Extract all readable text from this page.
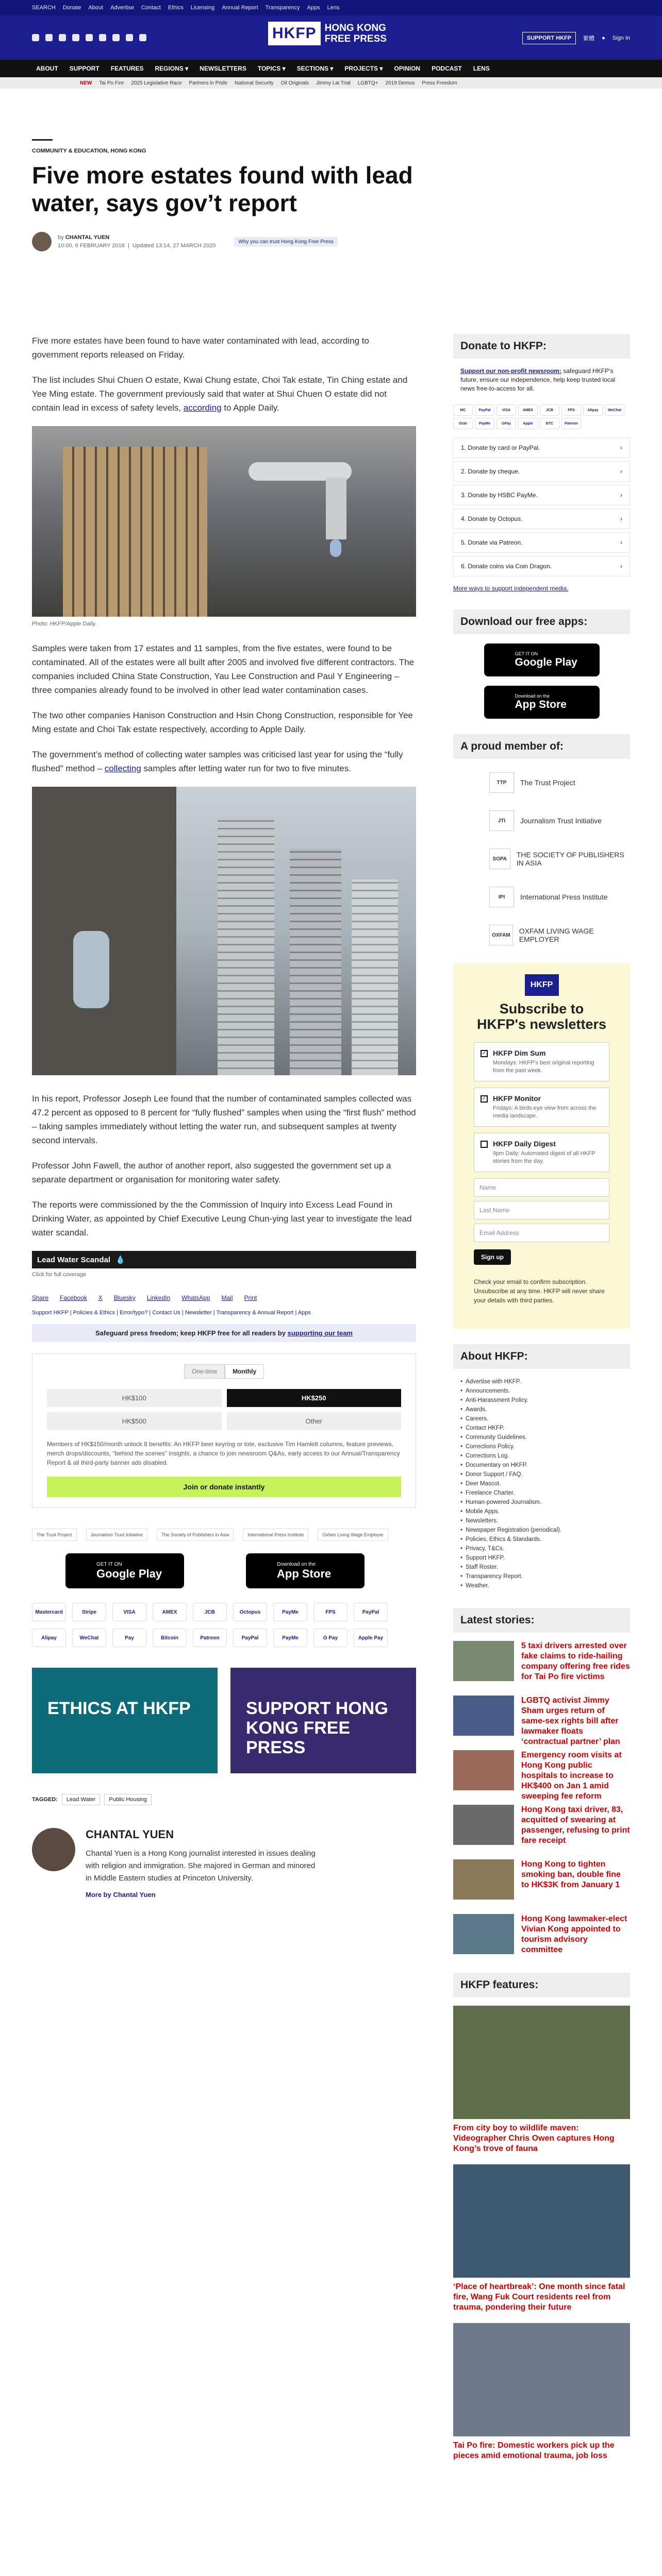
SEARCH Donate About Advertise Contact Ethics Licensing Annual Report Transparency Apps Lens
HKFP HONG KONG
FREE PRESS	SUPPORT HKFP	繁體 ● Sign In
ABOUT SUPPORT FEATURES REGIONS ▾ NEWSLETTERS TOPICS ▾ SECTIONS ▾ PROJECTS ▾ OPINION PODCAST LENS
NEW Tai Po Fire 2025 Legislative Race Partners in Pride National Security Oil Originals Jimmy Lai Trial LGBTQ+ 2019 Demos Press Freedom
COMMUNITY & EDUCATION, HONG KONG
Five more estates found with lead water, says gov’t report
by CHANTAL YUEN
10:00, 6 FEBRUARY 2016  |  Updated 13:14, 27 MARCH 2020
Why you can trust Hong Kong Free Press

Five more estates have been found to have water contaminated with lead, according to government reports released on Friday.

The list includes Shui Chuen O estate, Kwai Chung estate, Choi Tak estate, Tin Ching estate and Yee Ming estate. The government previously said that water at Shui Chuen O estate did not contain lead in excess of safety levels, according to Apple Daily.

Photo: HKFP/Apple Daily.

Samples were taken from 17 estates and 11 samples, from the five estates, were found to be contaminated. All of the estates were all built after 2005 and involved five different contractors. The companies included China State Construction, Yau Lee Construction and Paul Y Engineering – three companies already found to be involved in other lead water contamination cases.

The two other companies Hanison Construction and Hsin Chong Construction, responsible for Yee Ming estate and Choi Tak estate respectively, according to Apple Daily.

The government’s method of collecting water samples was criticised last year for using the “fully flushed” method – collecting samples after letting water run for two to five minutes.

In his report, Professor Joseph Lee found that the number of contaminated samples collected was 47.2 percent as opposed to 8 percent for “fully flushed” samples when using the “first flush” method – taking samples immediately without letting the water run, and subsequent samples at twenty second intervals.

Professor John Fawell, the author of another report, also suggested the government set up a separate department or organisation for monitoring water safety.

The reports were commissioned by the the Commission of Inquiry into Excess Lead Found in Drinking Water, as appointed by Chief Executive Leung Chun-ying last year to investigate the lead water scandal.

Lead Water Scandal 💧
Click for full coverage
Share Facebook X Bluesky LinkedIn WhatsApp Mail Print
Support HKFP | Policies & Ethics | Error/typo? | Contact Us | Newsletter | Transparency & Annual Report | Apps
Safeguard press freedom; keep HKFP free for all readers by supporting our team
One-time	Monthly
HK$100	HK$250
HK$500	Other

Members of HK$150/month unlock 8 benefits: An HKFP beer keyring or tote, exclusive Tim Hamlett columns, feature previews, merch drops/discounts, “behind the scenes” insights, a chance to join newsroom Q&As, early access to our Annual/Transparency Report & all third-party banner ads disabled.

Join or donate instantly
The Trust Project	Journalism Trust Initiative	The Society of Publishers in Asia	International Press Institute	Oxfam Living Wage Employer
GET IT ON
Google Play
Download on the
App Store
Mastercard	Stripe	VISA	AMEX	JCB	Octopus	PayMe	FPS	PayPal
Alipay	WeChat	Pay	Bitcoin	Patreon	PayPal	PayMe	G Pay	Apple Pay
ETHICS AT HKFP	SUPPORT HONG KONG FREE PRESS
TAGGED:	Lead Water	Public Housing
CHANTAL YUEN

Chantal Yuen is a Hong Kong journalist interested in issues dealing with religion and immigration. She majored in German and minored in Middle Eastern studies at Princeton University.

More by Chantal Yuen
Donate to HKFP:
Support our non-profit newsroom: safeguard HKFP’s future, ensure our independence, help keep trusted local news free-to-access for all.
MC	PayPal	VISA	AMEX	JCB	FPS	Alipay	WeChat
Octo	PayMe	GPay	Apple	BTC	Patreon
1. Donate by card or PayPal.	›
2. Donate by cheque.	›
3. Donate by HSBC PayMe.	›
4. Donate by Octopus.	›
5. Donate via Patreon.	›
6. Donate coins via Coin Dragon.	›
More ways to support independent media.
Download our free apps:
GET IT ON
Google Play
Download on the
App Store
A proud member of:
TTP	The Trust Project
JTI	Journalism Trust Initiative
SOPA	THE SOCIETY OF PUBLISHERS IN ASIA
IPI	International Press Institute
OXFAM	OXFAM LIVING WAGE EMPLOYER
HKFP
Subscribe to HKFP's newsletters
✓ HKFP Dim Sum

Mondays: HKFP’s best original reporting from the past week.

✓ HKFP Monitor

Fridays: A birds-eye view from across the media landscape.

HKFP Daily Digest

9pm Daily: Automated digest of all HKFP stories from the day.

Name
Last Name
Email Address
Sign up

Check your email to confirm subscription. Unsubscribe at any time. HKFP will never share your details with third parties.

About HKFP:
• Advertise with HKFP.
• Announcements.
• Anti-Harassment Policy.
• Awards.
• Careers.
• Contact HKFP.
• Community Guidelines.
• Corrections Policy.
• Corrections Log.
• Documentary on HKFP.
• Donor Support / FAQ.
• Deer Mascot.
• Freelance Charter.
• Human-powered Journalism.
• Mobile Apps.
• Newsletters.
• Newspaper Registration (periodical).
• Policies, Ethics & Standards.
• Privacy, T&Cs.
• Support HKFP.
• Staff Roster.
• Transparency Report.
• Weather.
Latest stories:

5 taxi drivers arrested over fake claims to ride-hailing company offering free rides for Tai Po fire victims

LGBTQ activist Jimmy Sham urges return of same-sex rights bill after lawmaker floats ‘contractual partner’ plan

Emergency room visits at Hong Kong public hospitals to increase to HK$400 on Jan 1 amid sweeping fee reform

Hong Kong taxi driver, 83, acquitted of swearing at passenger, refusing to print fare receipt

Hong Kong to tighten smoking ban, double fine to HK$3K from January 1

Hong Kong lawmaker-elect Vivian Kong appointed to tourism advisory committee

HKFP features:

From city boy to wildlife maven: Videographer Chris Owen captures Hong Kong’s trove of fauna

‘Place of heartbreak’: One month since fatal fire, Wang Fuk Court residents reel from trauma, pondering their future

Tai Po fire: Domestic workers pick up the pieces amid emotional trauma, job loss
